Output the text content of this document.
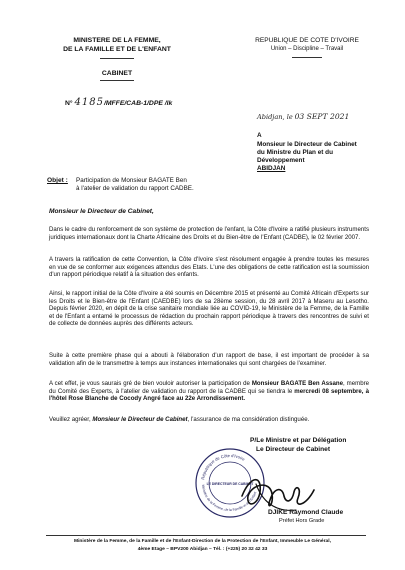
MINISTERE DE LA FEMME,
DE LA FAMILLE ET DE L'ENFANT
CABINET
REPUBLIQUE DE COTE D'IVOIRE
Union – Discipline – Travail
N° 4185/MFFE/CAB-1/DPE /lk
Abidjan, le 03 SEPT 2021
A
Monsieur le Directeur de Cabinet
du Ministre du Plan et du
Développement
ABIDJAN
Objet : Participation de Monsieur BAGATE Ben
à l'atelier de validation du rapport CADBE.
Monsieur le Directeur de Cabinet,
Dans le cadre du renforcement de son système de protection de l'enfant, la Côte d'Ivoire a ratifié plusieurs instruments juridiques internationaux dont la Charte Africaine des Droits et du Bien-être de l'Enfant (CADBE), le 02 février 2007.
A travers la ratification de cette Convention, la Côte d'Ivoire s'est résolument engagée à prendre toutes les mesures en vue de se conformer aux exigences attendus des Etats. L'une des obligations de cette ratification est la soumission d'un rapport périodique relatif à la situation des enfants.
Ainsi, le rapport initial de la Côte d'Ivoire a été soumis en Décembre 2015 et présenté au Comité Africain d'Experts sur les Droits et le Bien-être de l'Enfant (CAEDBE) lors de sa 28ème session, du 28 avril 2017 à Maseru au Lesotho. Depuis février 2020, en dépit de la crise sanitaire mondiale liée au COVID-19, le Ministère de la Femme, de la Famille et de l'Enfant a entamé le processus de rédaction du prochain rapport périodique à travers des rencontres de suivi et de collecte de données auprès des différents acteurs.
Suite à cette première phase qui a abouti à l'élaboration d'un rapport de base, il est important de procéder à sa validation afin de le transmettre à temps aux instances internationales qui sont chargées de l'examiner.
A cet effet, je vous saurais gré de bien vouloir autoriser la participation de Monsieur BAGATE Ben Assane, membre du Comité des Experts, à l'atelier de validation du rapport de la CADBE qui se tiendra le mercredi 08 septembre, à l'hôtel Rose Blanche de Cocody Angré face au 22e Arrondissement.
Veuillez agréer, Monsieur le Directeur de Cabinet, l'assurance de ma considération distinguée.
P/Le Ministre et par Délégation
Le Directeur de Cabinet
République de Côte d'Ivoire
Ministère de la Femme, de la Famille et de l'Enfant
LE DIRECTEUR DE CABINET
DJIKE Raymond Claude
Préfet Hors Grade
Ministère de la Femme, de la Famille et de l'Enfant-Direction de la Protection de l'Enfant, Immeuble Le Général,
4ème Etage – BPV200 Abidjan – Tél. : (+225) 20 32 42 33
